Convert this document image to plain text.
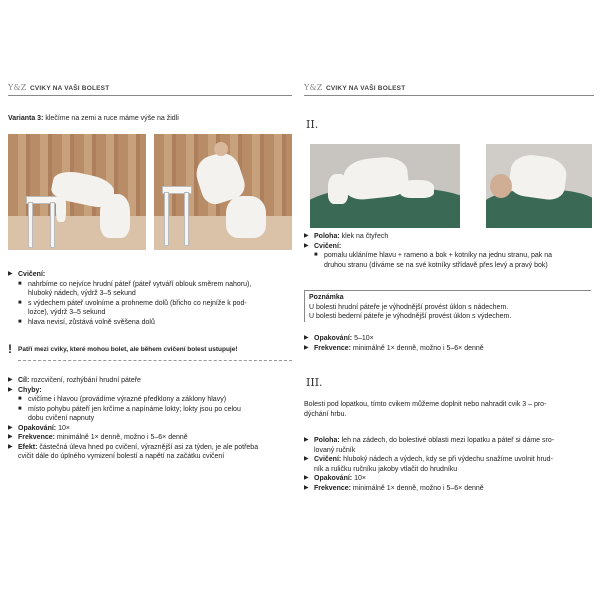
Y&Z CVIKY NA VAŠI BOLEST
Varianta 3: klečíme na zemi a ruce máme výše na židli
▶ Cvičení:
■ nahrbíme co nejvíce hrudní páteř (páteř vytváří oblouk směrem nahoru),
hluboký nádech, výdrž 3–5 sekund
■ s výdechem páteř uvolníme a prohneme dolů (břicho co nejníže k pod-
lożce), výdrž 3–5 sekund
■ hlava nevisí, zůstává volně svěšena dolů
! Patří mezi cviky, které mohou bolet, ale během cvičení bolest ustupuje!
▶ Cíl: rozcvičení, rozhýbání hrudní páteře
▶ Chyby:
■ cvičíme i hlavou (provádíme výrazné předklony a záklony hlavy)
■ místo pohybu páteří jen krčíme a napínáme lokty; lokty jsou po celou
dobu cvičení napnuty
▶ Opakování: 10×
▶ Frekvence: minimálně 1× denně, možno i 5–6× denně
▶ Efekt: částečná úleva hned po cvičení, výraznější asi za týden, je ale potřeba
cvičit dále do úplného vymizení bolestí a napětí na začátku cvičení
Y&Z CVIKY NA VAŠI BOLEST
II.
▶ Poloha: klek na čtyřech
▶ Cvičení:
■ pomalu ukláníme hlavu + rameno a bok + kotníky na jednu stranu, pak na
druhou stranu (díváme se na své kotníky střídavě přes levý a pravý bok)
Poznámka
U bolesti hrudní páteře je výhodnější provést úklon s nádechem.
U bolesti bederní páteře je výhodnější provést úklon s výdechem.
▶ Opakování: 5–10×
▶ Frekvence: minimálně 1× denně, možno i 5–6× denně
III.
Bolesti pod lopatkou, tímto cvikem můžeme doplnit nebo nahradit cvik 3 – pro-
dýchání hrbu.
▶ Poloha: leh na zádech, do bolestivé oblasti mezi lopatku a páteř si dáme sro-
lovaný ručník
▶ Cvičení: hluboký nádech a výdech, kdy se při výdechu snažíme uvolnit hrud-
ník a ruličku ručníku jakoby vtlačit do hrudníku
▶ Opakování: 10×
▶ Frekvence: minimálně 1× denně, možno i 5–6× denně
